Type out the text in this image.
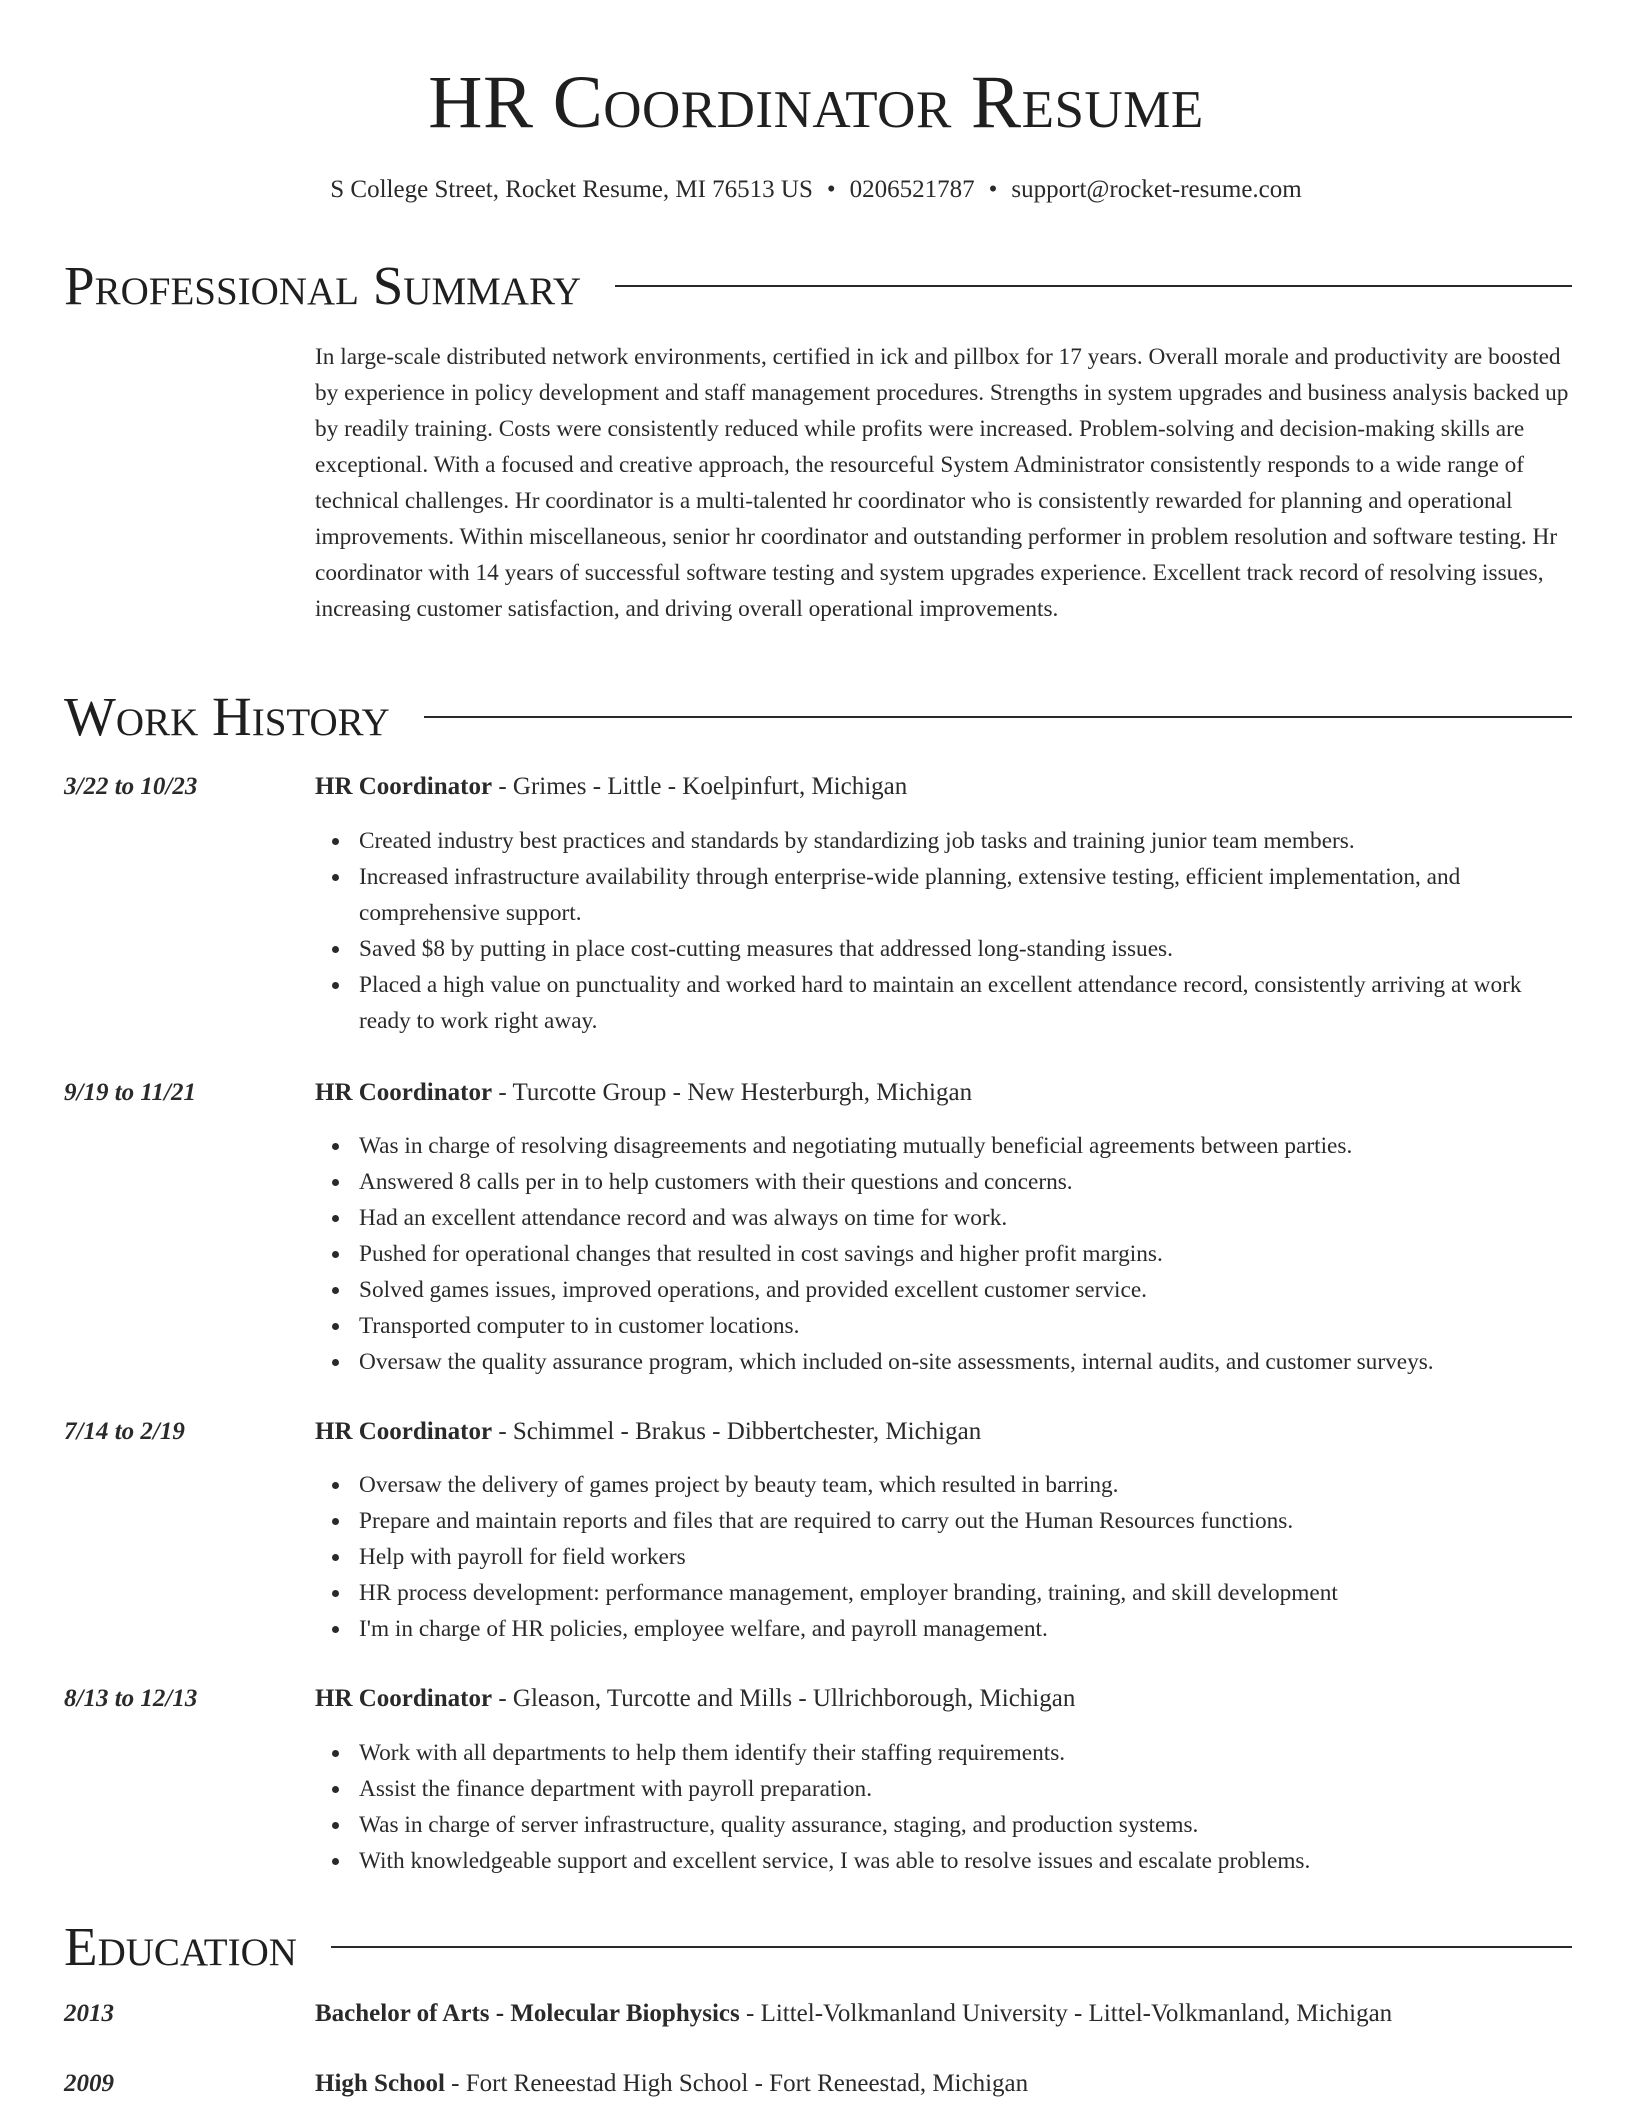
HR Coordinator Resume
S College Street, Rocket Resume, MI 76513 US • 0206521787 • support@rocket-resume.com
Professional Summary

In large-scale distributed network environments, certified in ick and pillbox for 17 years. Overall morale and productivity are boosted by experience in policy development and staff management procedures. Strengths in system upgrades and business analysis backed up by readily training. Costs were consistently reduced while profits were increased. Problem-solving and decision-making skills are exceptional. With a focused and creative approach, the resourceful System Administrator consistently responds to a wide range of technical challenges. Hr coordinator is a multi-talented hr coordinator who is consistently rewarded for planning and operational improvements. Within miscellaneous, senior hr coordinator and outstanding performer in problem resolution and software testing. Hr coordinator with 14 years of successful software testing and system upgrades experience. Excellent track record of resolving issues, increasing customer satisfaction, and driving overall operational improvements.

Work History
3/22 to 10/23	HR Coordinator - Grimes - Little - Koelpinfurt, Michigan
Created industry best practices and standards by standardizing job tasks and training junior team members.
Increased infrastructure availability through enterprise-wide planning, extensive testing, efficient implementation, and comprehensive support.
Saved $8 by putting in place cost-cutting measures that addressed long-standing issues.
Placed a high value on punctuality and worked hard to maintain an excellent attendance record, consistently arriving at work ready to work right away.
9/19 to 11/21	HR Coordinator - Turcotte Group - New Hesterburgh, Michigan
Was in charge of resolving disagreements and negotiating mutually beneficial agreements between parties.
Answered 8 calls per in to help customers with their questions and concerns.
Had an excellent attendance record and was always on time for work.
Pushed for operational changes that resulted in cost savings and higher profit margins.
Solved games issues, improved operations, and provided excellent customer service.
Transported computer to in customer locations.
Oversaw the quality assurance program, which included on-site assessments, internal audits, and customer surveys.
7/14 to 2/19	HR Coordinator - Schimmel - Brakus - Dibbertchester, Michigan
Oversaw the delivery of games project by beauty team, which resulted in barring.
Prepare and maintain reports and files that are required to carry out the Human Resources functions.
Help with payroll for field workers
HR process development: performance management, employer branding, training, and skill development
I'm in charge of HR policies, employee welfare, and payroll management.
8/13 to 12/13	HR Coordinator - Gleason, Turcotte and Mills - Ullrichborough, Michigan
Work with all departments to help them identify their staffing requirements.
Assist the finance department with payroll preparation.
Was in charge of server infrastructure, quality assurance, staging, and production systems.
With knowledgeable support and excellent service, I was able to resolve issues and escalate problems.
Education
2013	Bachelor of Arts - Molecular Biophysics - Littel-Volkmanland University - Littel-Volkmanland, Michigan
2009	High School - Fort Reneestad High School - Fort Reneestad, Michigan
